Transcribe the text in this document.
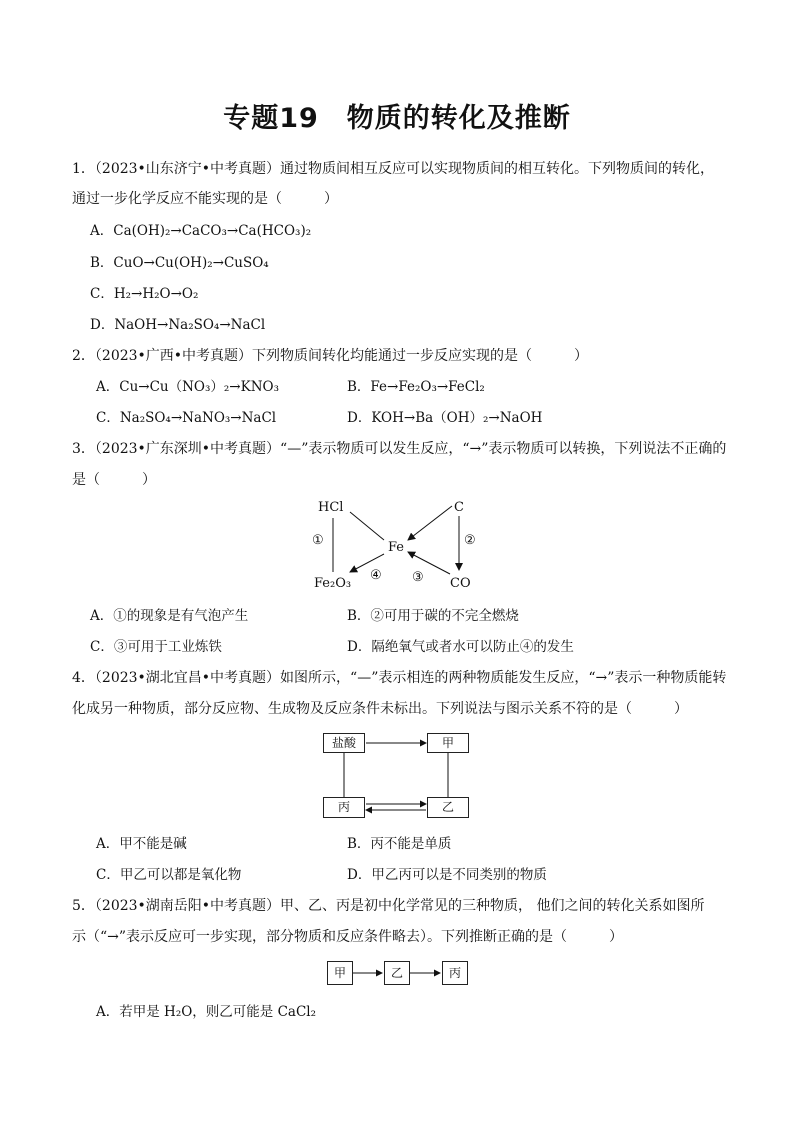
专题19　物质的转化及推断
1．（2023•山东济宁•中考真题）通过物质间相互反应可以实现物质间的相互转化。下列物质间的转化，
通过一步化学反应不能实现的是（　　　）
A．Ca(OH)₂→CaCO₃→Ca(HCO₃)₂
B．CuO→Cu(OH)₂→CuSO₄
C．H₂→H₂O→O₂
D．NaOH→Na₂SO₄→NaCl
2．（2023•广西•中考真题）下列物质间转化均能通过一步反应实现的是（　　　）
A．Cu→Cu（NO₃）₂→KNO₃	B．Fe→Fe₂O₃→FeCl₂
C．Na₂SO₄→NaNO₃→NaCl	D．KOH→Ba（OH）₂→NaOH
3．（2023•广东深圳•中考真题）“—”表示物质可以发生反应，“→”表示物质可以转换，下列说法不正确的
是（　　　）
HCl	C
Fe
Fe₂O₃	CO
①	②
③
④
A．①的现象是有气泡产生	B．②可用于碳的不完全燃烧
C．③可用于工业炼铁	D．隔绝氧气或者水可以防止④的发生
4．（2023•湖北宜昌•中考真题）如图所示，“—”表示相连的两种物质能发生反应，“→”表示一种物质能转
化成另一种物质，部分反应物、生成物及反应条件未标出。下列说法与图示关系不符的是（　　　）
盐酸	甲
丙	乙
A．甲不能是碱	B．丙不能是单质
C．甲乙可以都是氧化物	D．甲乙丙可以是不同类别的物质
5．（2023•湖南岳阳•中考真题）甲、乙、丙是初中化学常见的三种物质， 他们之间的转化关系如图所
示（“→”表示反应可一步实现，部分物质和反应条件略去）。下列推断正确的是（　　　）
甲	乙	丙
A．若甲是 H₂O，则乙可能是 CaCl₂
